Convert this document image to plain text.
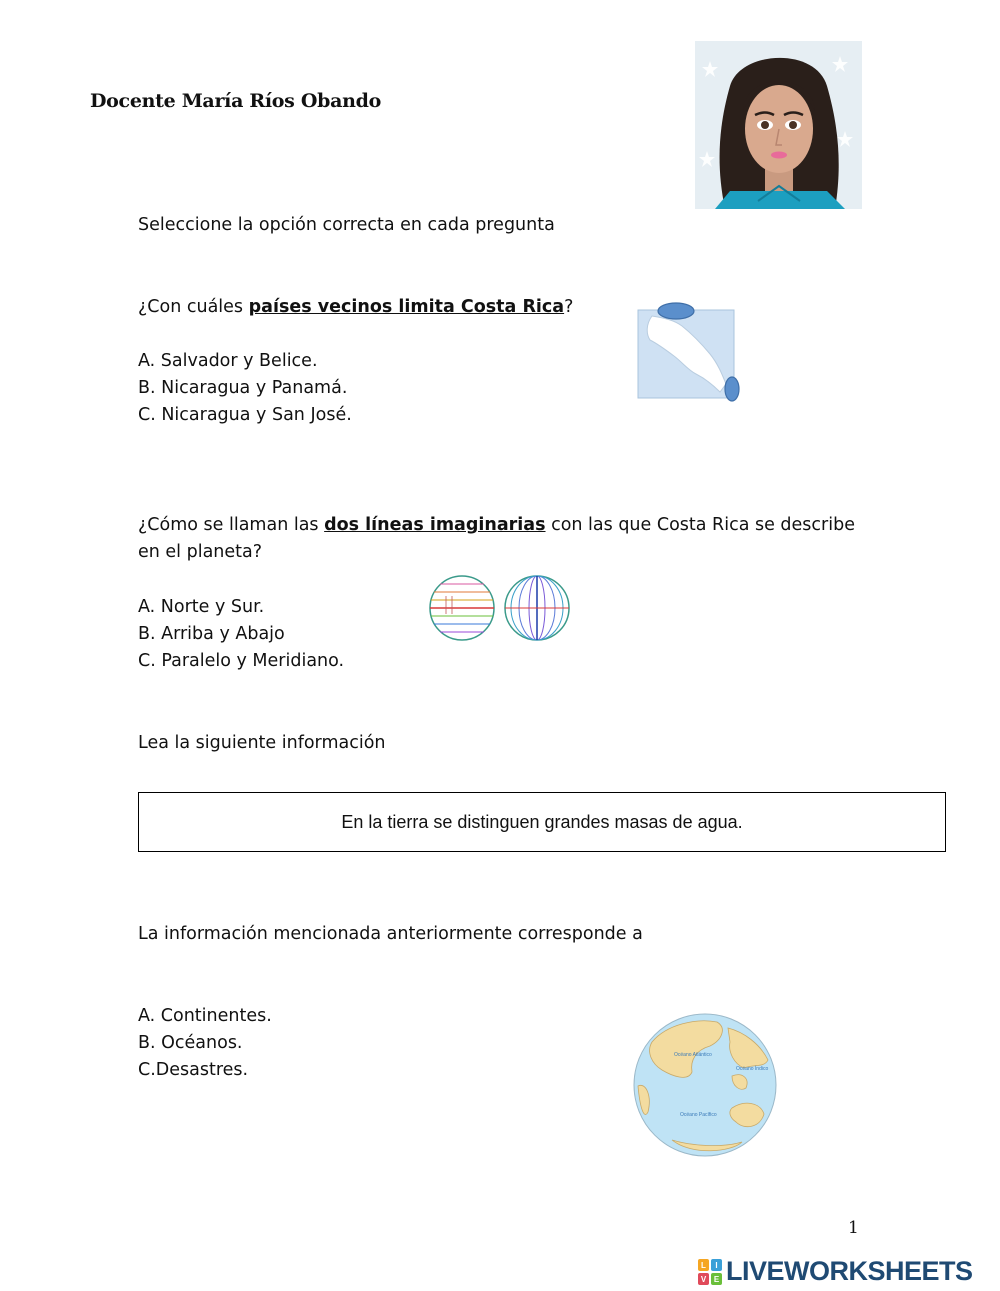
Docente María Ríos Obando
Seleccione la opción correcta en cada pregunta
¿Con cuáles países vecinos limita Costa Rica?
A. Salvador y Belice.
B. Nicaragua y Panamá.
C. Nicaragua y San José.
¿Cómo se llaman las dos líneas imaginarias con las que Costa Rica se describe
en el planeta?
A. Norte y Sur.
B. Arriba y Abajo
C. Paralelo y Meridiano.
Lea la siguiente información
En la tierra se distinguen grandes masas de agua.
La información mencionada anteriormente corresponde a
A. Continentes.
B. Océanos.
C.Desastres.
Océano Atlántico
Océano Índico
Océano Pacífico
1
L I
V E LIVEWORKSHEETS
